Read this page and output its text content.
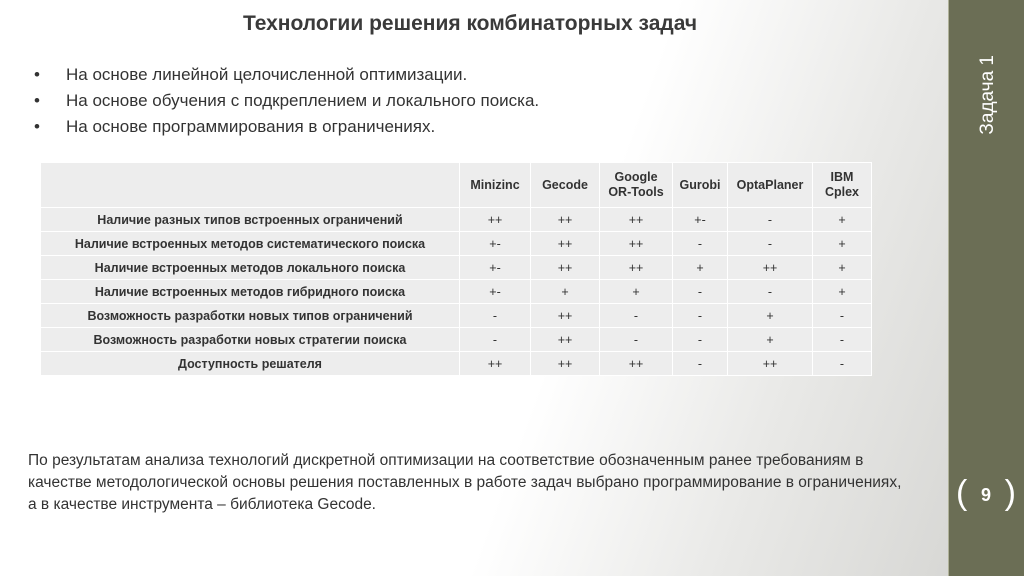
Технологии решения комбинаторных задач
•	На основе линейной целочисленной оптимизации.
•	На основе обучения с подкреплением и локального поиска.
•	На основе программирования в ограничениях.
	Minizinc	Gecode	Google OR-Tools	Gurobi	OptaPlaner	IBM Cplex
Наличие разных типов встроенных ограничений	++	++	++	+-	-	+
Наличие встроенных методов систематического поиска	+-	++	++	-	-	+
Наличие встроенных методов локального поиска	+-	++	++	+	++	+
Наличие встроенных методов гибридного поиска	+-	+	+	-	-	+
Возможность разработки новых типов ограничений	-	++	-	-	+	-
Возможность разработки новых стратегии поиска	-	++	-	-	+	-
Доступность решателя	++	++	++	-	++	-
По результатам анализа технологий дискретной оптимизации на соответствие обозначенным ранее требованиям в качестве методологической основы решения поставленных в работе задач выбрано программирование в ограничениях, а в качестве инструмента – библиотека Gecode.
Задача 1
( 9 )
